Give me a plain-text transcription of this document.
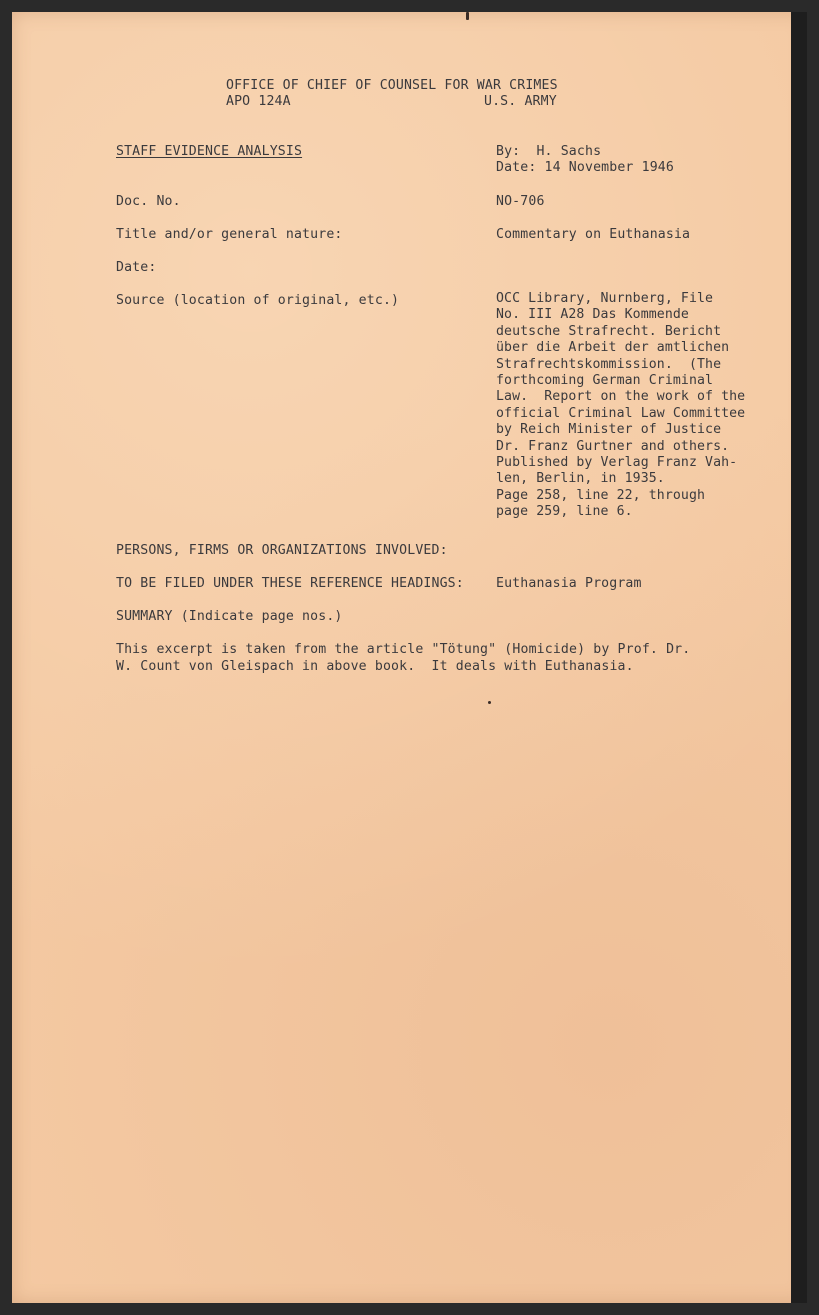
OFFICE OF CHIEF OF COUNSEL FOR WAR CRIMES
APO 124A	U.S. ARMY
STAFF EVIDENCE ANALYSIS	By:  H. Sachs
Date: 14 November 1946
Doc. No.	NO-706
Title and/or general nature:	Commentary on Euthanasia
Date:
Source (location of original, etc.)	OCC Library, Nurnberg, File
No. III A28 Das Kommende
deutsche Strafrecht. Bericht
über die Arbeit der amtlichen
Strafrechtskommission.  (The
forthcoming German Criminal
Law.  Report on the work of the
official Criminal Law Committee
by Reich Minister of Justice
Dr. Franz Gurtner and others.
Published by Verlag Franz Vah-
len, Berlin, in 1935.
Page 258, line 22, through
page 259, line 6.
PERSONS, FIRMS OR ORGANIZATIONS INVOLVED:
TO BE FILED UNDER THESE REFERENCE HEADINGS: Euthanasia Program
SUMMARY (Indicate page nos.)
This excerpt is taken from the article "Tötung" (Homicide) by Prof. Dr.
W. Count von Gleispach in above book.  It deals with Euthanasia.
